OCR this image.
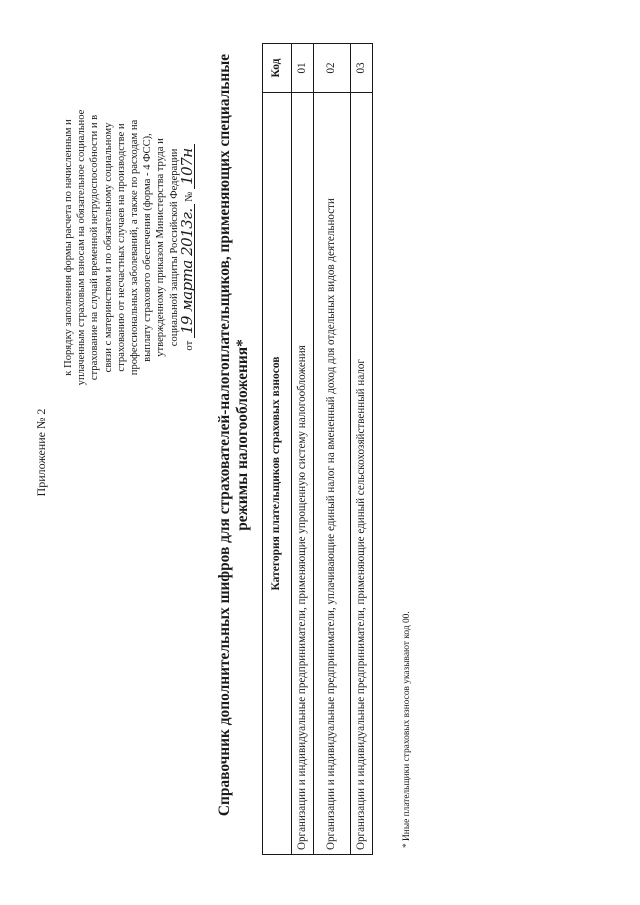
Приложение № 2

к Порядку заполнения формы расчета по начисленным и уплаченным страховым взносам на обязательное социальное страхование на случай временной нетрудоспособности и в связи с материнством и по обязательному социальному страхованию от несчастных случаев на производстве и профессиональных заболеваний, а также по расходам на выплату страхового обеспечения (форма - 4 ФСС), утвержденному приказом Министерства труда и социальной защиты Российской Федерации от 19 марта 2013г. № 107н Справочник дополнительных шифров для страхователей-налогоплательщиков, применяющих специальные режимы налогообложения* Категория плательщиков страховых взносов	Код
Организации и индивидуальные предприниматели, применяющие упрощенную систему налогообложения	01
Организации и индивидуальные предприниматели, уплачивающие единый налог на вмененный доход для отдельных видов деятельности	02
Организации и индивидуальные предприниматели, применяющие единый сельскохозяйственный налог	03
* Иные плательщики страховых взносов указывают код 00.
